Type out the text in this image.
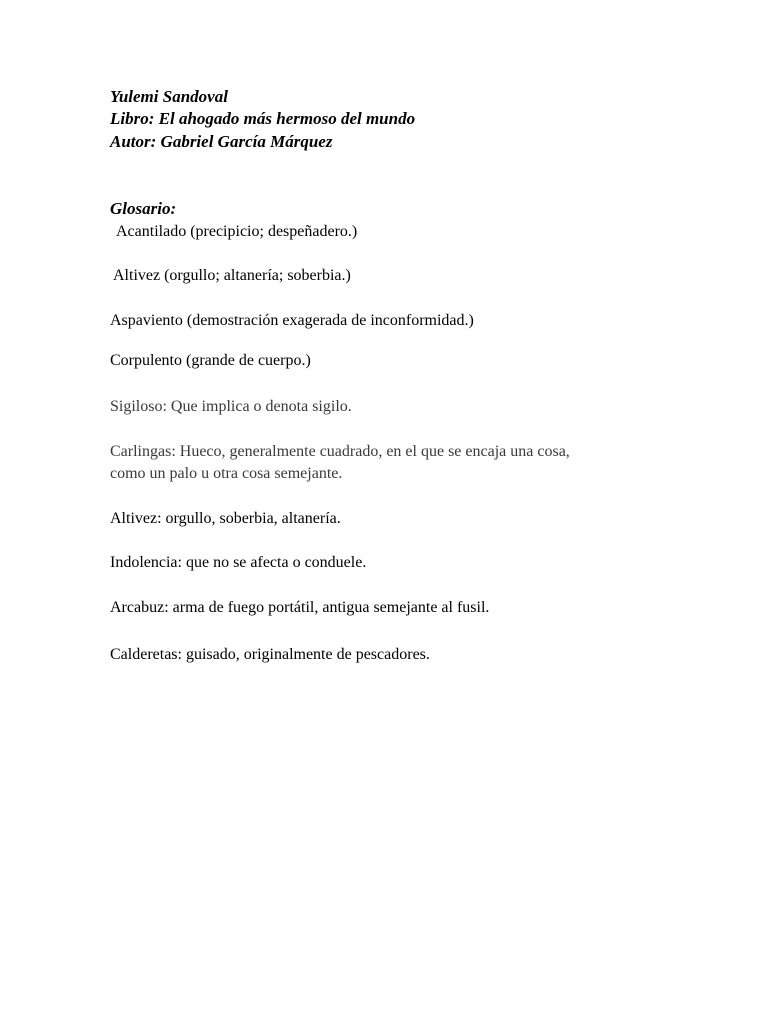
Yulemi Sandoval
Libro: El ahogado más hermoso del mundo
Autor: Gabriel García Márquez
Glosario:
Acantilado (precipicio; despeñadero.)
Altivez (orgullo; altanería; soberbia.)
Aspaviento (demostración exagerada de inconformidad.)
Corpulento (grande de cuerpo.)
Sigiloso: Que implica o denota sigilo.
Carlingas: Hueco, generalmente cuadrado, en el que se encaja una cosa,
como un palo u otra cosa semejante.
Altivez: orgullo, soberbia, altanería.
Indolencia: que no se afecta o conduele.
Arcabuz: arma de fuego portátil, antigua semejante al fusil.
Calderetas: guisado, originalmente de pescadores.
